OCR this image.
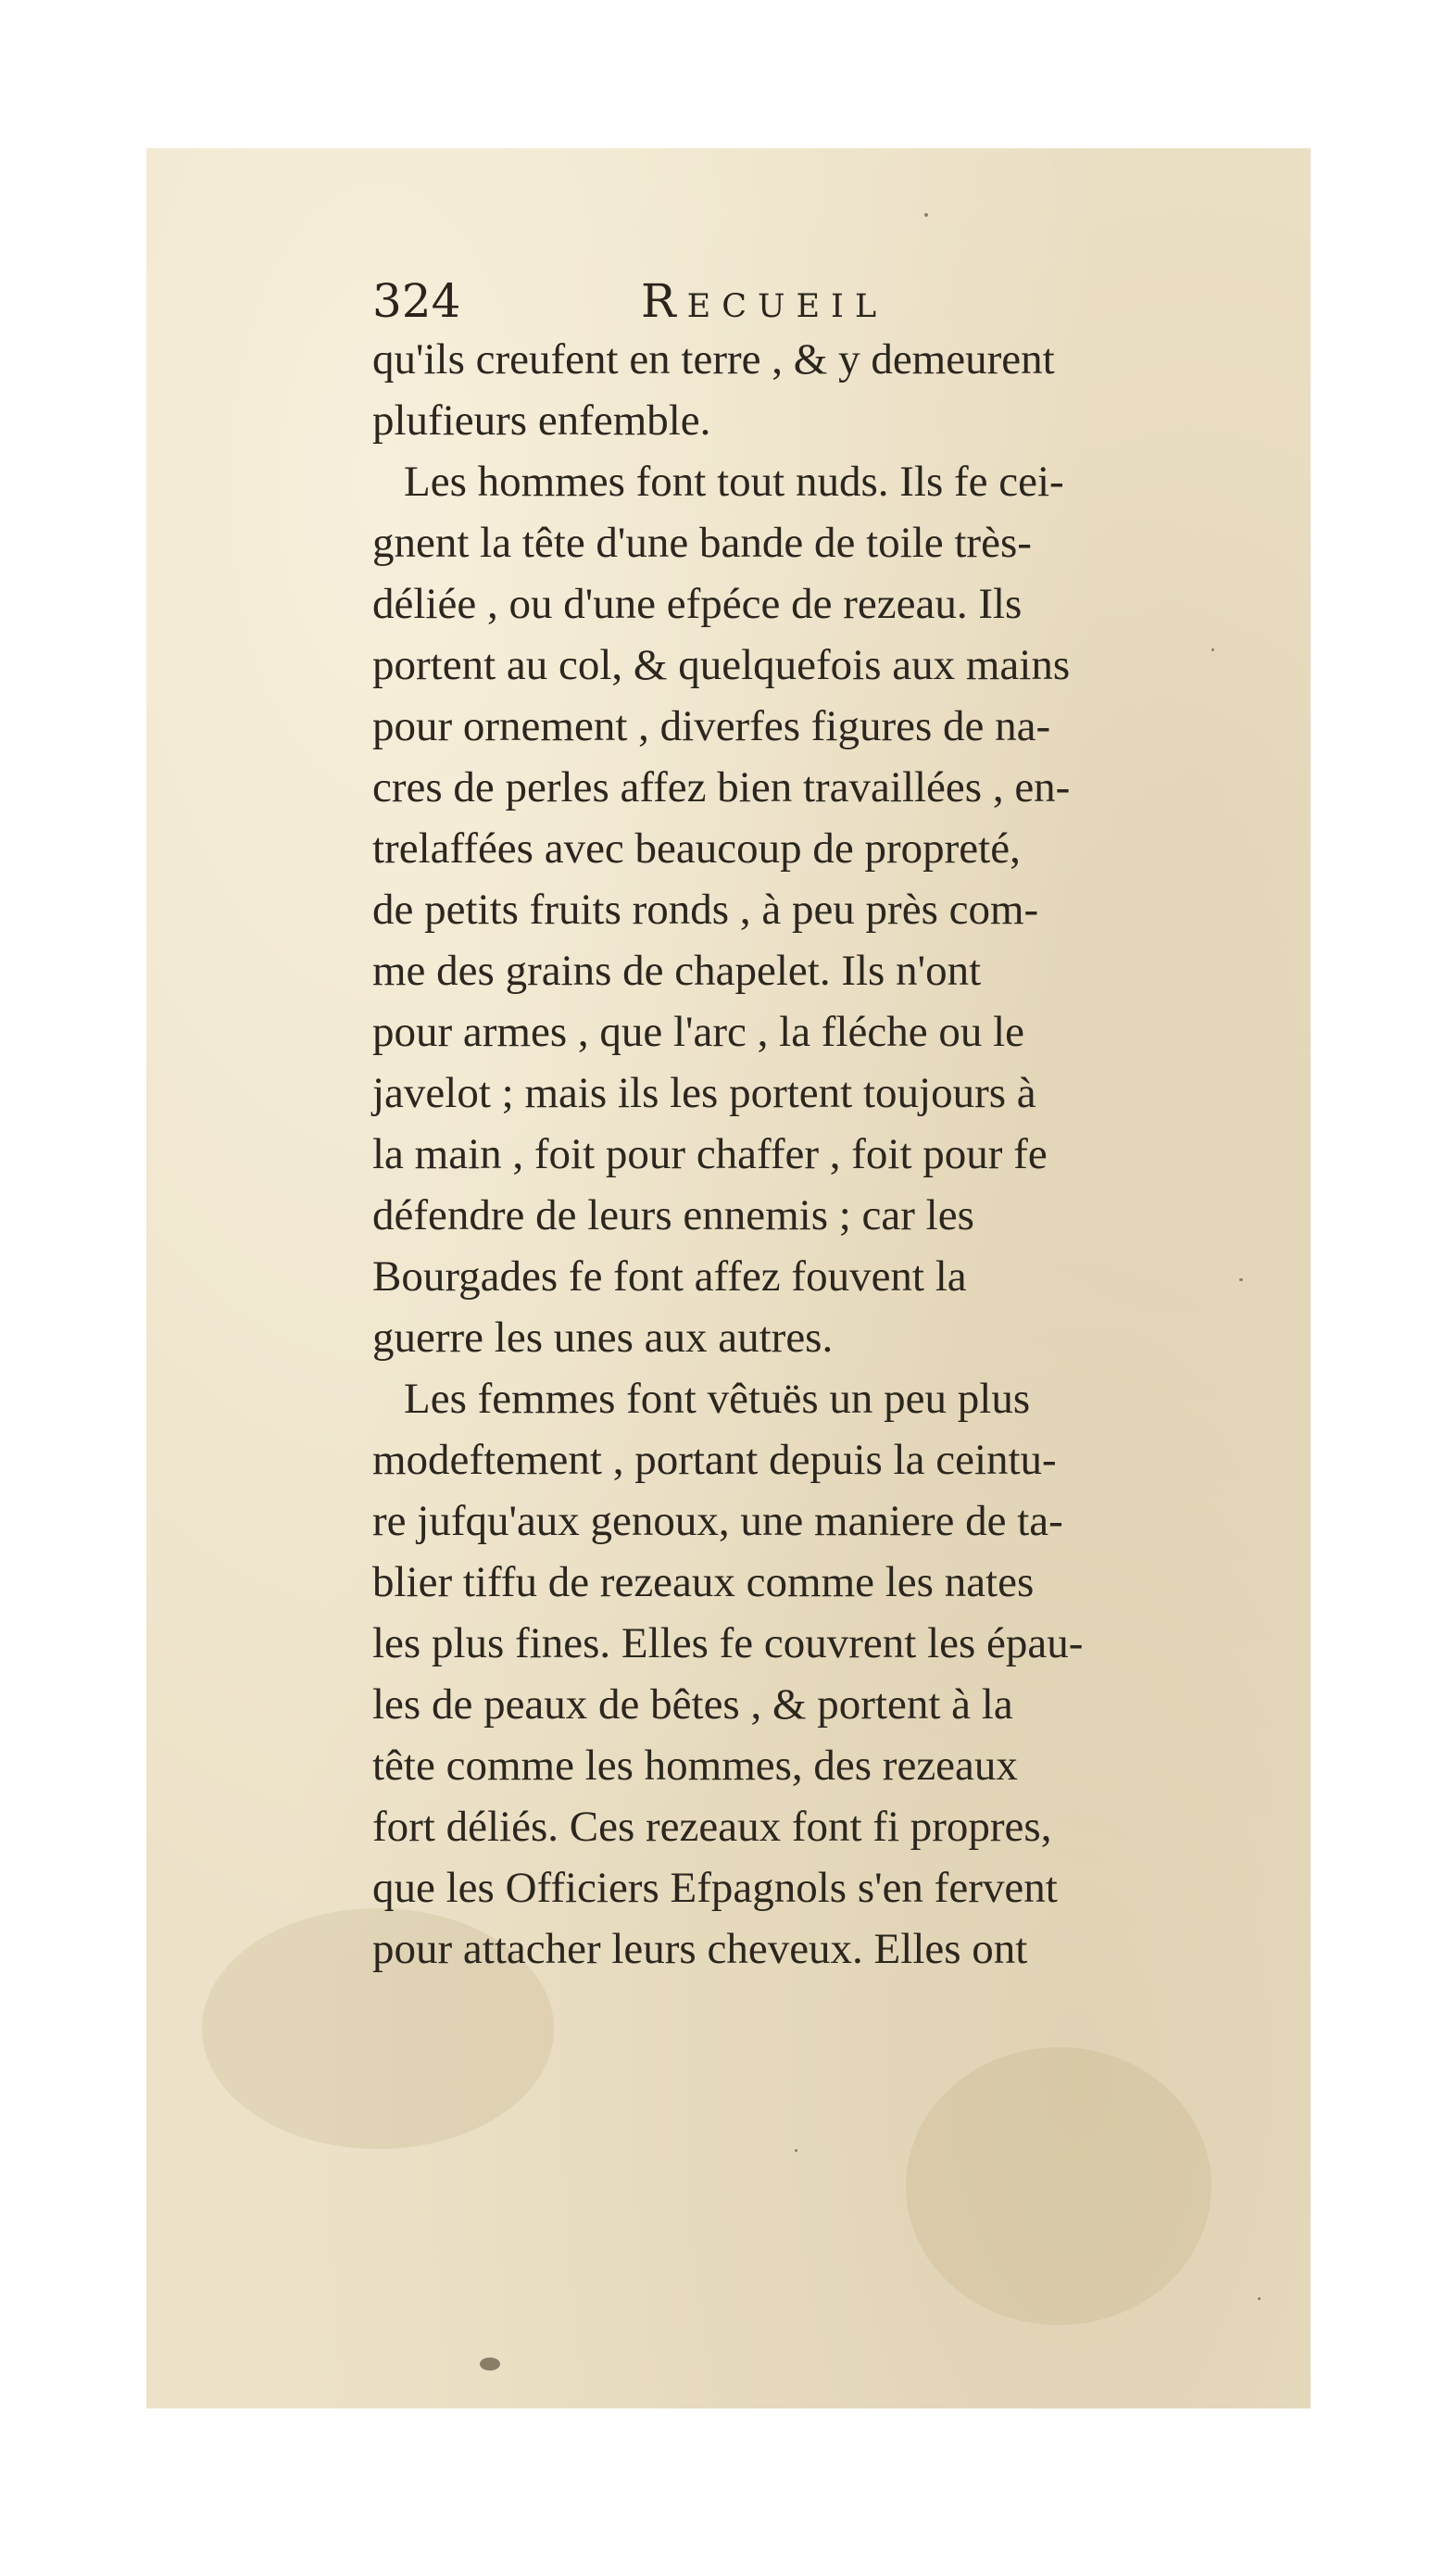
324	Recueil
qu'ils creufent en terre , & y demeurent
plufieurs enfemble.
Les hommes font tout nuds. Ils fe cei-
gnent la tête d'une bande de toile très-
déliée , ou d'une efpéce de rezeau. Ils
portent au col, & quelquefois aux mains
pour ornement , diverfes figures de na-
cres de perles affez bien travaillées , en-
trelaffées avec beaucoup de propreté,
de petits fruits ronds , à peu près com-
me des grains de chapelet. Ils n'ont
pour armes , que l'arc , la fléche ou le
javelot ; mais ils les portent toujours à
la main , foit pour chaffer , foit pour fe
défendre de leurs ennemis ; car les
Bourgades fe font affez fouvent la
guerre les unes aux autres.
Les femmes font vêtuës un peu plus
modeftement , portant depuis la ceintu-
re jufqu'aux genoux, une maniere de ta-
blier tiffu de rezeaux comme les nates
les plus fines. Elles fe couvrent les épau-
les de peaux de bêtes , & portent à la
tête comme les hommes, des rezeaux
fort déliés. Ces rezeaux font fi propres,
que les Officiers Efpagnols s'en fervent
pour attacher leurs cheveux. Elles ont
